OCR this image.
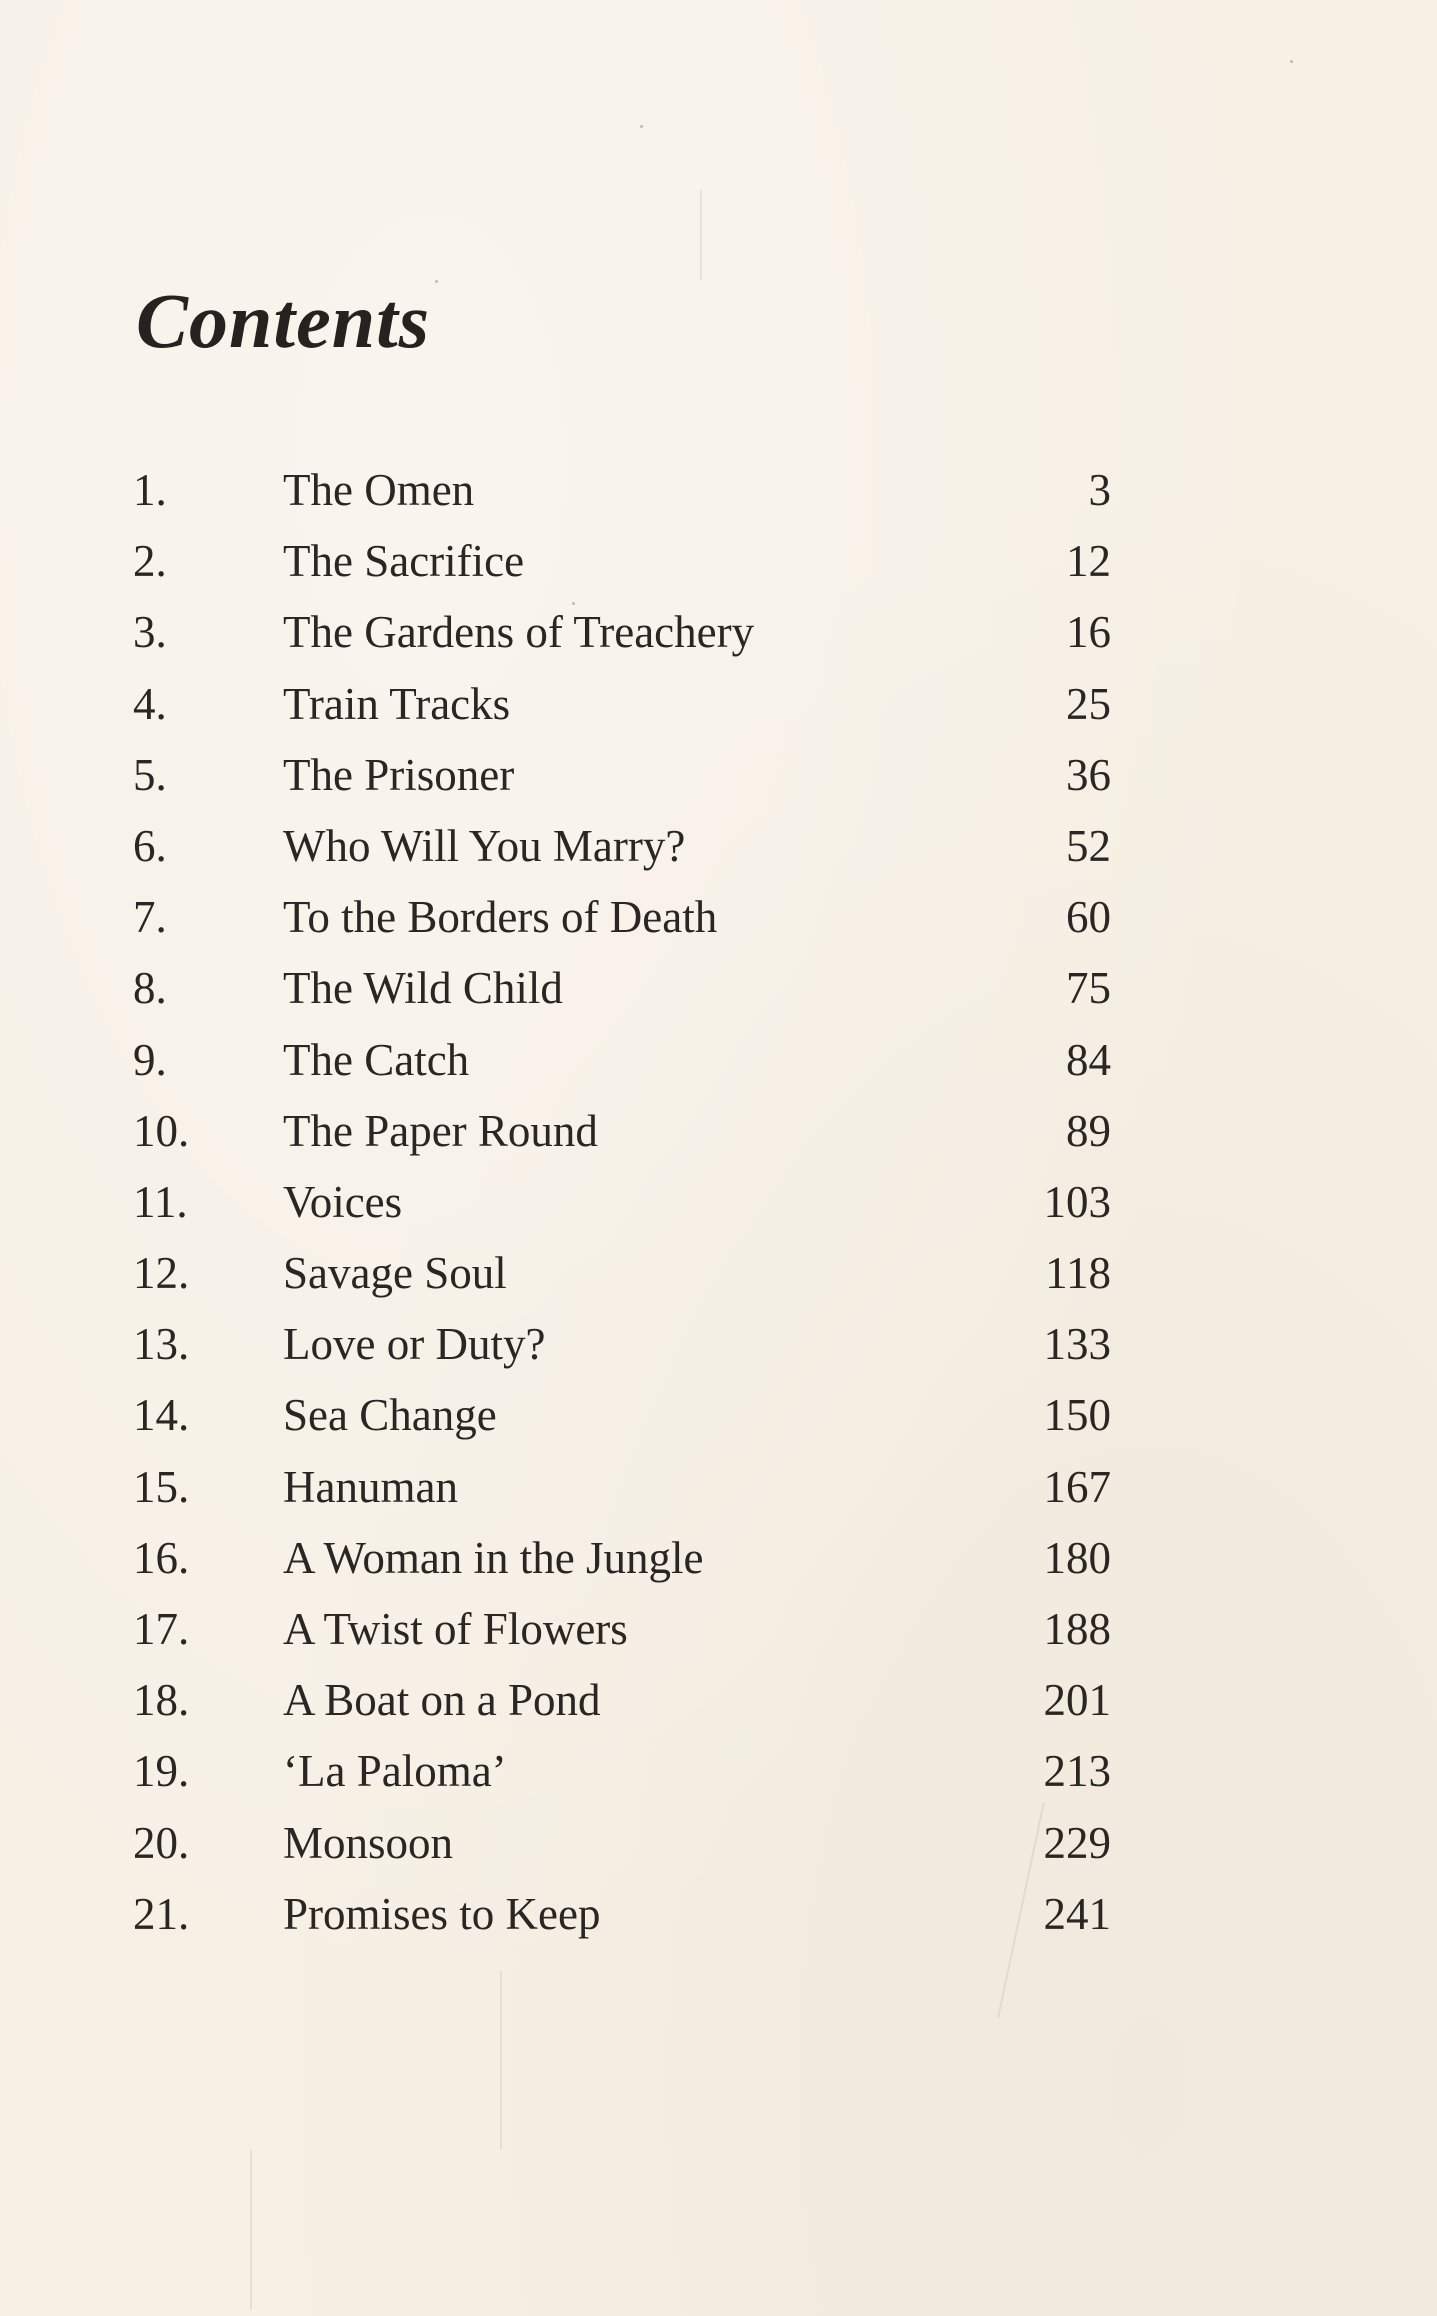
Contents
1.	The Omen	3
2.	The Sacrifice	12
3.	The Gardens of Treachery	16
4.	Train Tracks	25
5.	The Prisoner	36
6.	Who Will You Marry?	52
7.	To the Borders of Death	60
8.	The Wild Child	75
9.	The Catch	84
10. The Paper Round	89
11. Voices	103
12. Savage Soul	118
13. Love or Duty?	133
14. Sea Change	150
15. Hanuman	167
16. A Woman in the Jungle	180
17. A Twist of Flowers	188
18. A Boat on a Pond	201
19. ‘La Paloma’	213
20. Monsoon	229
21. Promises to Keep	241
